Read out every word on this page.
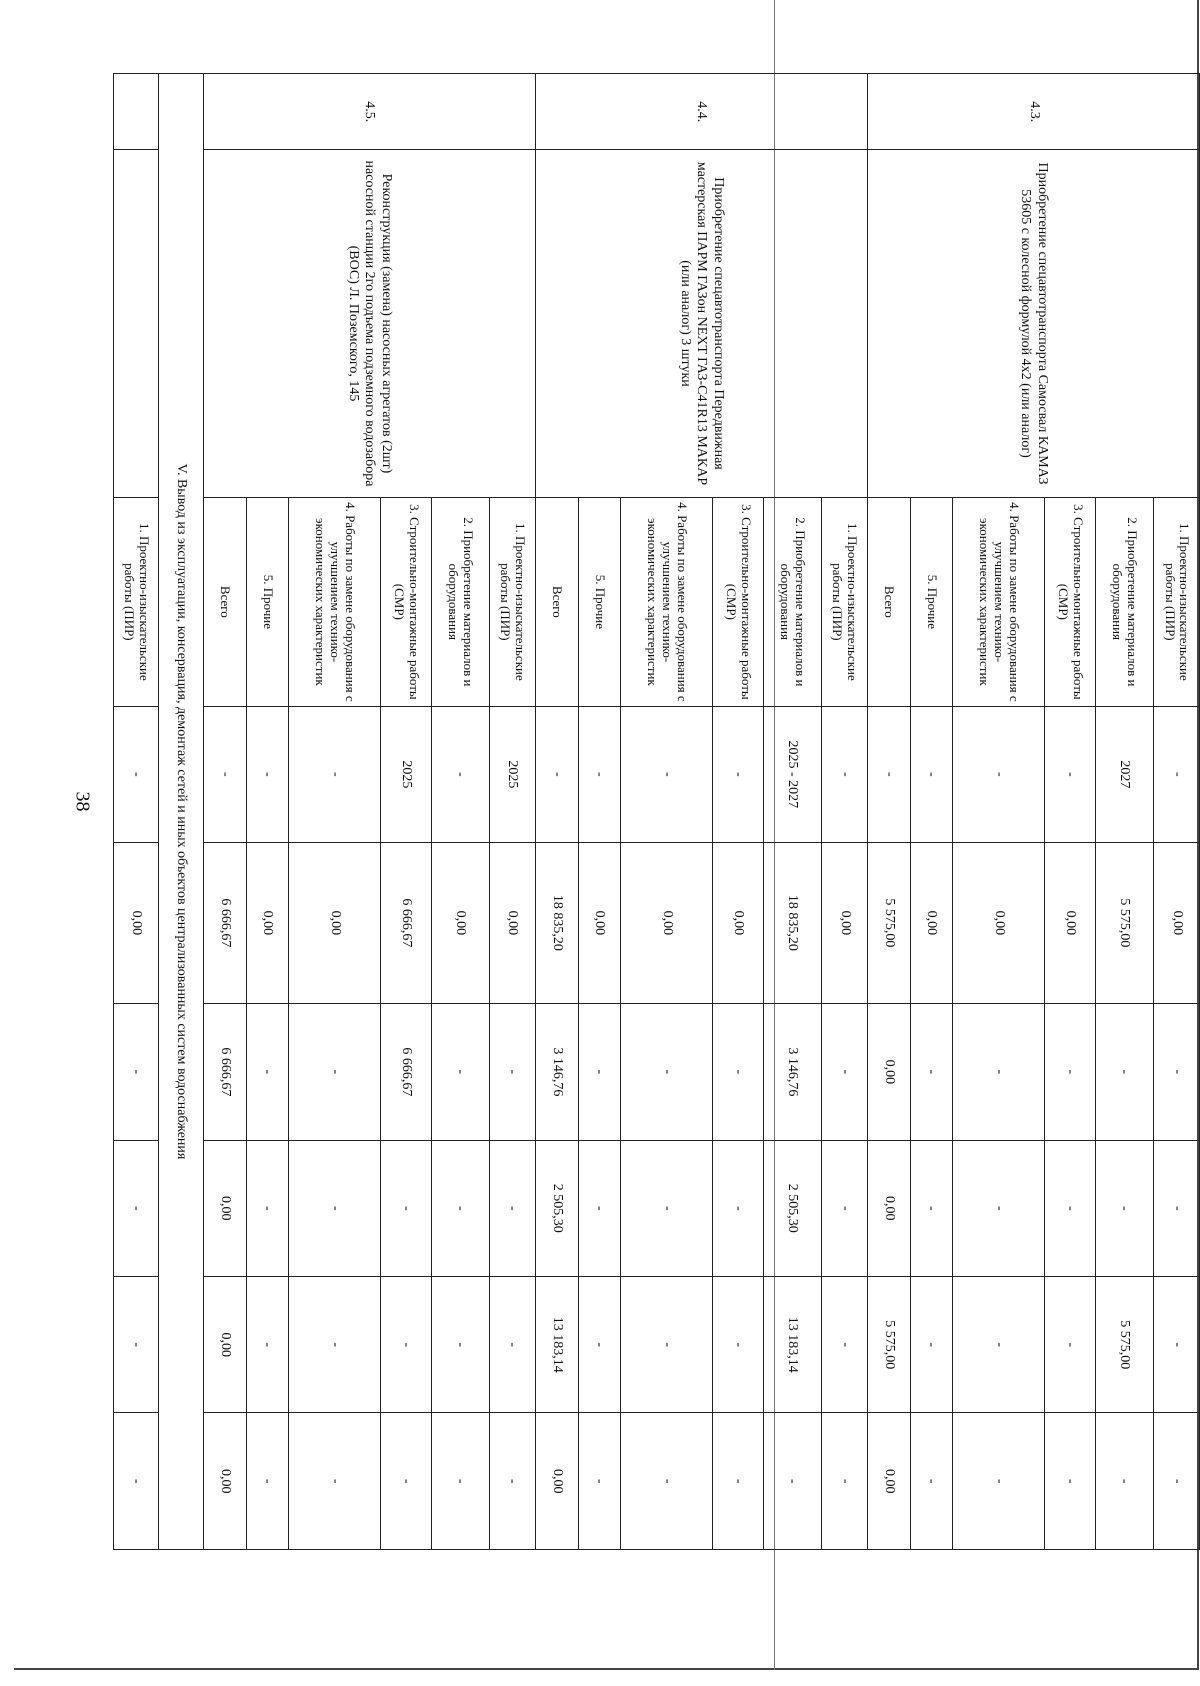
38
4.3.	Приобретение спецавтотранспорта Самосвал КАМАЗ 53605 с колесной формулой 4х2 (или аналог)	1. Проектно-изыскательские работы (ПИР)	-	0,00	-	-	-	-
		2. Приобретение материалов и оборудования	2027	5 575,00	-	-	5 575,00	-
		3. Строительно-монтажные работы (СМР)	-	0,00	-	-	-	-
		4. Работы по замене оборудования с улучшением технико-экономических характеристик	-	0,00	-	-	-	-
		5. Прочие	-	0,00	-	-	-	-
		Всего	-	5 575,00	0,00	0,00	5 575,00	0,00
4.4.	Приобретение спецавтотранспорта Передвижная мастерская ПАРМ ГАЗон NEXT ГАЗ-C41R13 МАКАР (или аналог) 3 штуки	1. Проектно-изыскательские работы (ПИР)	-	0,00	-	-	-	-
		2. Приобретение материалов и оборудования	2025 - 2027	18 835,20	3 146,76	2 505,30	13 183,14	-
		3. Строительно-монтажные работы (СМР)	-	0,00	-	-	-	-
		4. Работы по замене оборудования с улучшением технико-экономических характеристик	-	0,00	-	-	-	-
		5. Прочие	-	0,00	-	-	-	-
		Всего	-	18 835,20	3 146,76	2 505,30	13 183,14	0,00
4.5.	Реконструкция (замена) насосных агрегатов (2шт) насосной станции 2го подъема подземного водозабора (ВОС) Л. Поземского, 145	1. Проектно-изыскательские работы (ПИР)	2025	0,00	-	-	-	-
		2. Приобретение материалов и оборудования	-	0,00	-	-	-	-
		3. Строительно-монтажные работы (СМР)	2025	6 666,67	6 666,67	-	-	-
		4. Работы по замене оборудования с улучшением технико-экономических характеристик	-	0,00	-	-	-	-
		5. Прочие	-	0,00	-	-	-	-
		Всего	-	6 666,67	6 666,67	0,00	0,00	0,00
V. Вывод из эксплуатации, консервация, демонтаж сетей и иных объектов централизованных систем водоснабжения								
		1. Проектно-изыскательские работы (ПИР)	-	0,00	-	-	-	-
